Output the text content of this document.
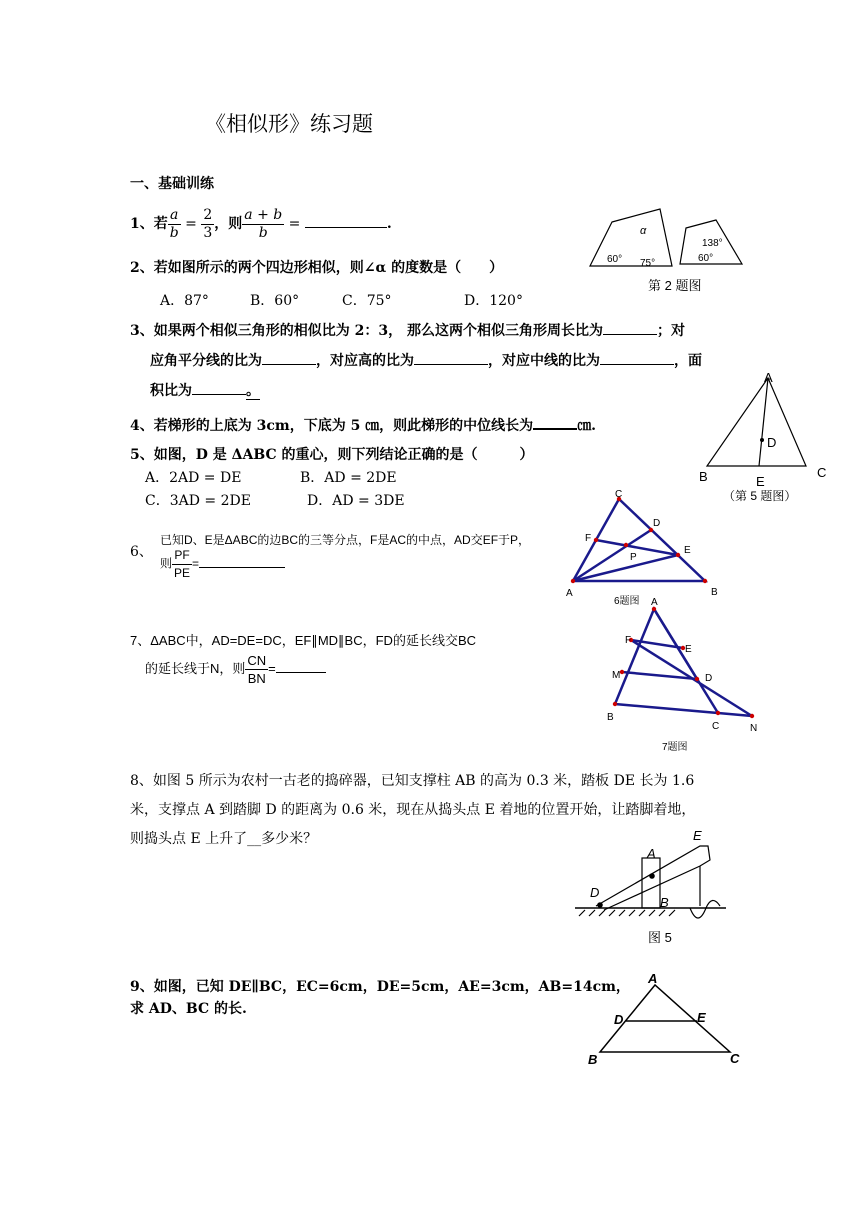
《相似形》练习题
一、基础训练
1、若 $\frac{a}{b} = \frac{2}{3}$ ，则 $\frac{a + b}{b}$ =	.
2、若如图所示的两个四边形相似，则∠α 的度数是（　　）
A．87°	B．60°	C．75°	D．120°
α
60° 75°
138°
60°
第 2 题图
A
B	C
D
E
（第 5 题图）
A	B
C
D
E
F
P
6题图 A
B
C
D
E
F
M
N
7题图
A
B
D
E
图 5
A
B	C
D	E
3、如果两个相似三角形的相似比为 2：3， 那么这两个相似三角形周长比为	；对
应角平分线的比为	，对应高的比为	，对应中线的比为	，面
积比为	。
4、若梯形的上底为 3cm，下底为 5 ㎝，则此梯形的中位线长为	㎝.
5、如图，D 是 ΔABC 的重心，则下列结论正确的是（　　　）
A．2AD = DE	B．AD = 2DE
C．3AD = 2DE	D．AD = 3DE
6、
已知D、E是ΔABC的边BC的三等分点，F是AC的中点，AD交EF于P，
则 $\frac{PF}{PE}$ =
7、ΔABC中，AD=DE=DC，EF∥MD∥BC，FD的延长线交BC
的延长线于N，则 $\frac{CN}{BN}$ =
8、如图 5 所示为农村一古老的捣碎器，已知支撑柱 AB 的高为 0.3 米，踏板 DE 长为 1.6
米，支撑点 A 到踏脚 D 的距离为 0.6 米，现在从捣头点 E 着地的位置开始，让踏脚着地，
则捣头点 E 上升了__多少米？
9、如图，已知 DE∥BC，EC=6cm，DE=5cm，AE=3cm，AB=14cm，
求 AD、BC 的长.
